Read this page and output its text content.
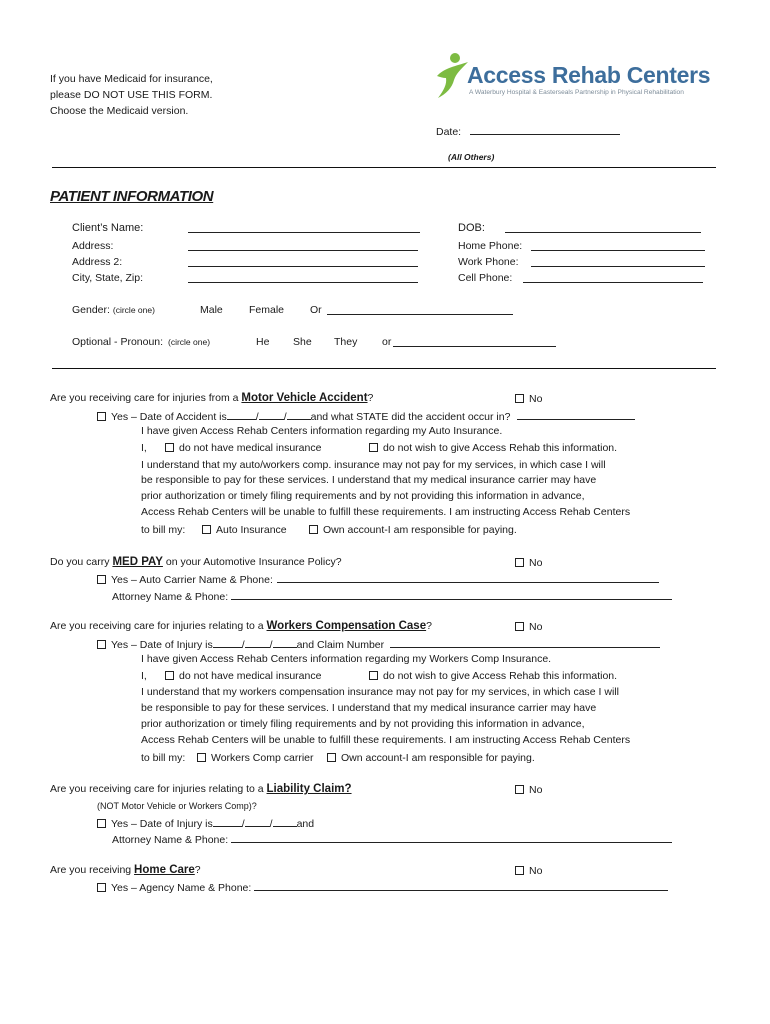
If you have Medicaid for insurance,
please DO NOT USE THIS FORM.
Choose the Medicaid version.
Access Rehab Centers
A Waterbury Hospital & Easterseals Partnership in Physical Rehabilitation
Date:
(All Others)
PATIENT INFORMATION
Client’s Name:
Address:
Address 2:
City, State, Zip:
DOB:
Home Phone:
Work Phone:
Cell Phone:
Gender: (circle one)	Male Female Or
Optional - Pronoun: (circle one)	He She They or
Are you receiving care for injuries from a Motor Vehicle Accident?	No
Yes – Date of Accident is	/ / and what STATE did the accident occur in?
I have given Access Rehab Centers information regarding my Auto Insurance.
I,	do not have medical insurance	do not wish to give Access Rehab this information.
I understand that my auto/workers comp. insurance may not pay for my services, in which case I will
be responsible to pay for these services. I understand that my medical insurance carrier may have
prior authorization or timely filing requirements and by not providing this information in advance,
Access Rehab Centers will be unable to fulfill these requirements. I am instructing Access Rehab Centers
to bill my:	Auto Insurance	Own account-I am responsible for paying.
Do you carry MED PAY on your Automotive Insurance Policy?	No
Yes – Auto Carrier Name & Phone:
Attorney Name & Phone:
Are you receiving care for injuries relating to a Workers Compensation Case?	No
Yes – Date of Injury is	/ / and Claim Number
I have given Access Rehab Centers information regarding my Workers Comp Insurance.
I,	do not have medical insurance	do not wish to give Access Rehab this information.
I understand that my workers compensation insurance may not pay for my services, in which case I will
be responsible to pay for these services. I understand that my medical insurance carrier may have
prior authorization or timely filing requirements and by not providing this information in advance,
Access Rehab Centers will be unable to fulfill these requirements. I am instructing Access Rehab Centers
to bill my:	Workers Comp carrier	Own account-I am responsible for paying.
Are you receiving care for injuries relating to a Liability Claim?	No
(NOT Motor Vehicle or Workers Comp)?
Yes – Date of Injury is	/ / and
Attorney Name & Phone:
Are you receiving Home Care?	No
Yes – Agency Name & Phone:
